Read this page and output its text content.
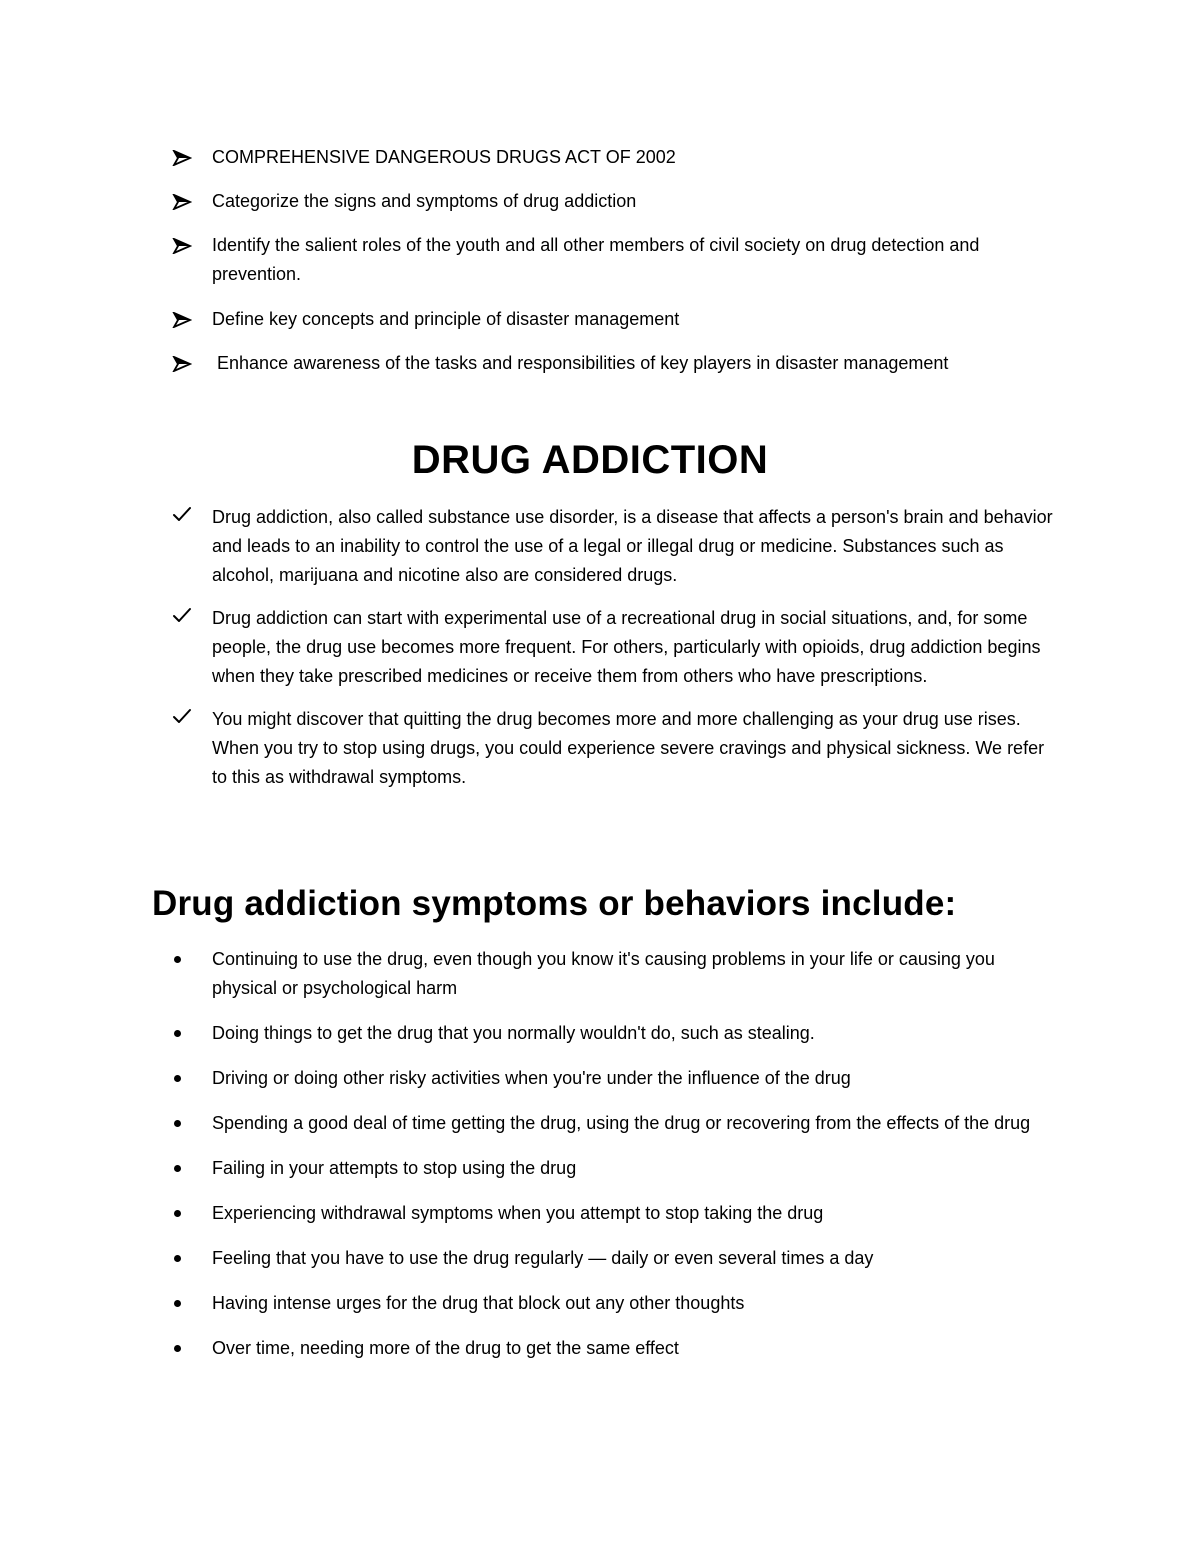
COMPREHENSIVE DANGEROUS DRUGS ACT OF 2002
Categorize the signs and symptoms of drug addiction
Identify the salient roles of the youth and all other members of civil society on drug detection and prevention.
Define key concepts and principle of disaster management
Enhance awareness of the tasks and responsibilities of key players in disaster management
DRUG ADDICTION
Drug addiction, also called substance use disorder, is a disease that affects a person's brain and behavior and leads to an inability to control the use of a legal or illegal drug or medicine. Substances such as alcohol, marijuana and nicotine also are considered drugs.
Drug addiction can start with experimental use of a recreational drug in social situations, and, for some people, the drug use becomes more frequent. For others, particularly with opioids, drug addiction begins when they take prescribed medicines or receive them from others who have prescriptions.
You might discover that quitting the drug becomes more and more challenging as your drug use rises. When you try to stop using drugs, you could experience severe cravings and physical sickness. We refer to this as withdrawal symptoms.
Drug addiction symptoms or behaviors include:
Continuing to use the drug, even though you know it's causing problems in your life or causing you physical or psychological harm
Doing things to get the drug that you normally wouldn't do, such as stealing.
Driving or doing other risky activities when you're under the influence of the drug
Spending a good deal of time getting the drug, using the drug or recovering from the effects of the drug
Failing in your attempts to stop using the drug
Experiencing withdrawal symptoms when you attempt to stop taking the drug
Feeling that you have to use the drug regularly — daily or even several times a day
Having intense urges for the drug that block out any other thoughts
Over time, needing more of the drug to get the same effect
